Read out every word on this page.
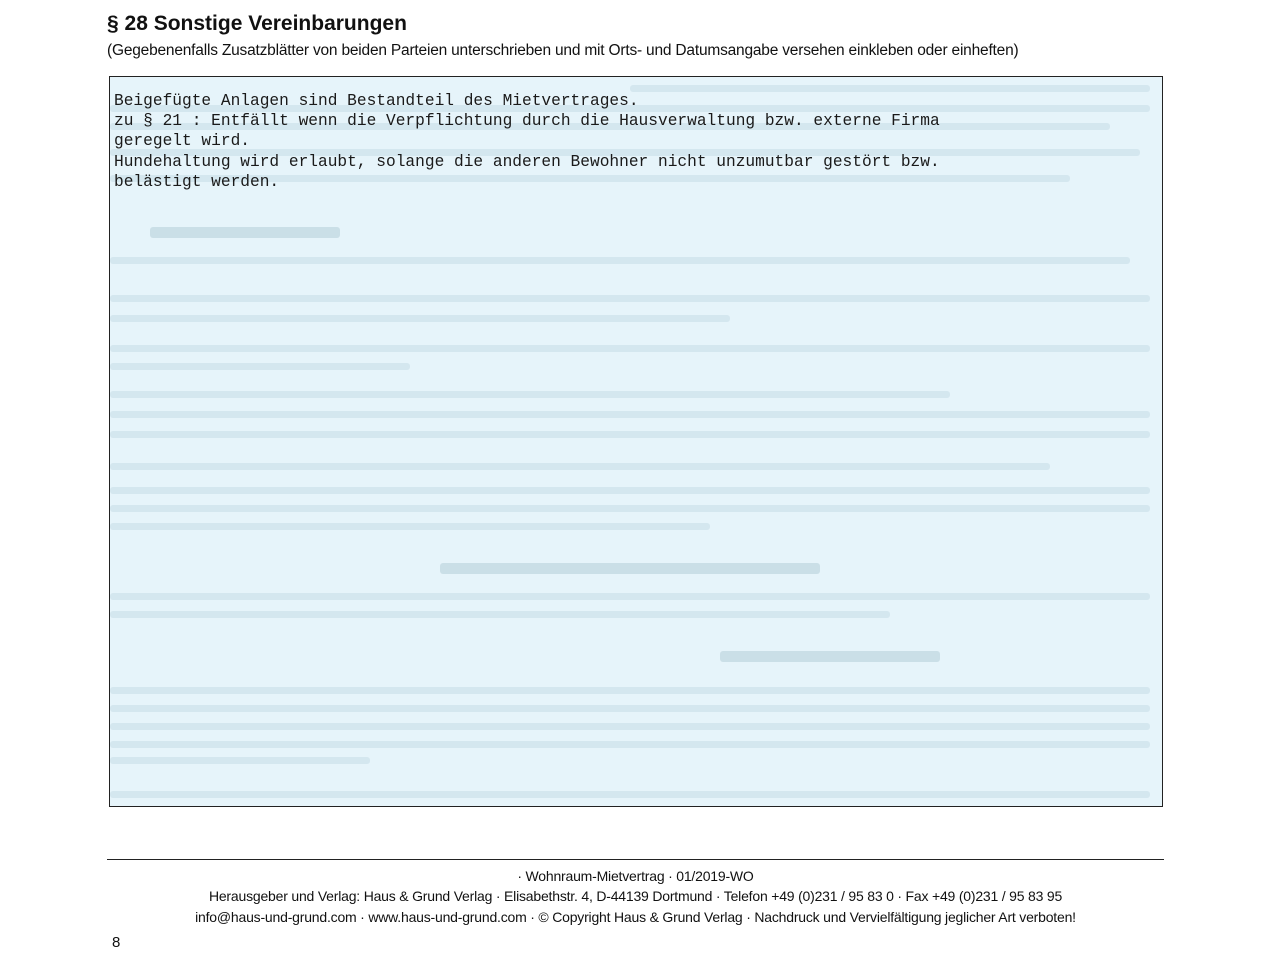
§ 28 Sonstige Vereinbarungen
(Gegebenenfalls Zusatzblätter von beiden Parteien unterschrieben und mit Orts- und Datumsangabe versehen einkleben oder einheften)
Beigefügte Anlagen sind Bestandteil des Mietvertrages.
zu § 21 : Entfällt wenn die Verpflichtung durch die Hausverwaltung bzw. externe Firma
geregelt wird.
Hundehaltung wird erlaubt, solange die anderen Bewohner nicht unzumutbar gestört bzw.
belästigt werden.
· Wohnraum-Mietvertrag · 01/2019-WO
Herausgeber und Verlag: Haus & Grund Verlag · Elisabethstr. 4, D-44139 Dortmund · Telefon +49 (0)231 / 95 83 0 · Fax +49 (0)231 / 95 83 95
info@haus-und-grund.com · www.haus-und-grund.com · © Copyright Haus & Grund Verlag · Nachdruck und Vervielfältigung jeglicher Art verboten!
8
